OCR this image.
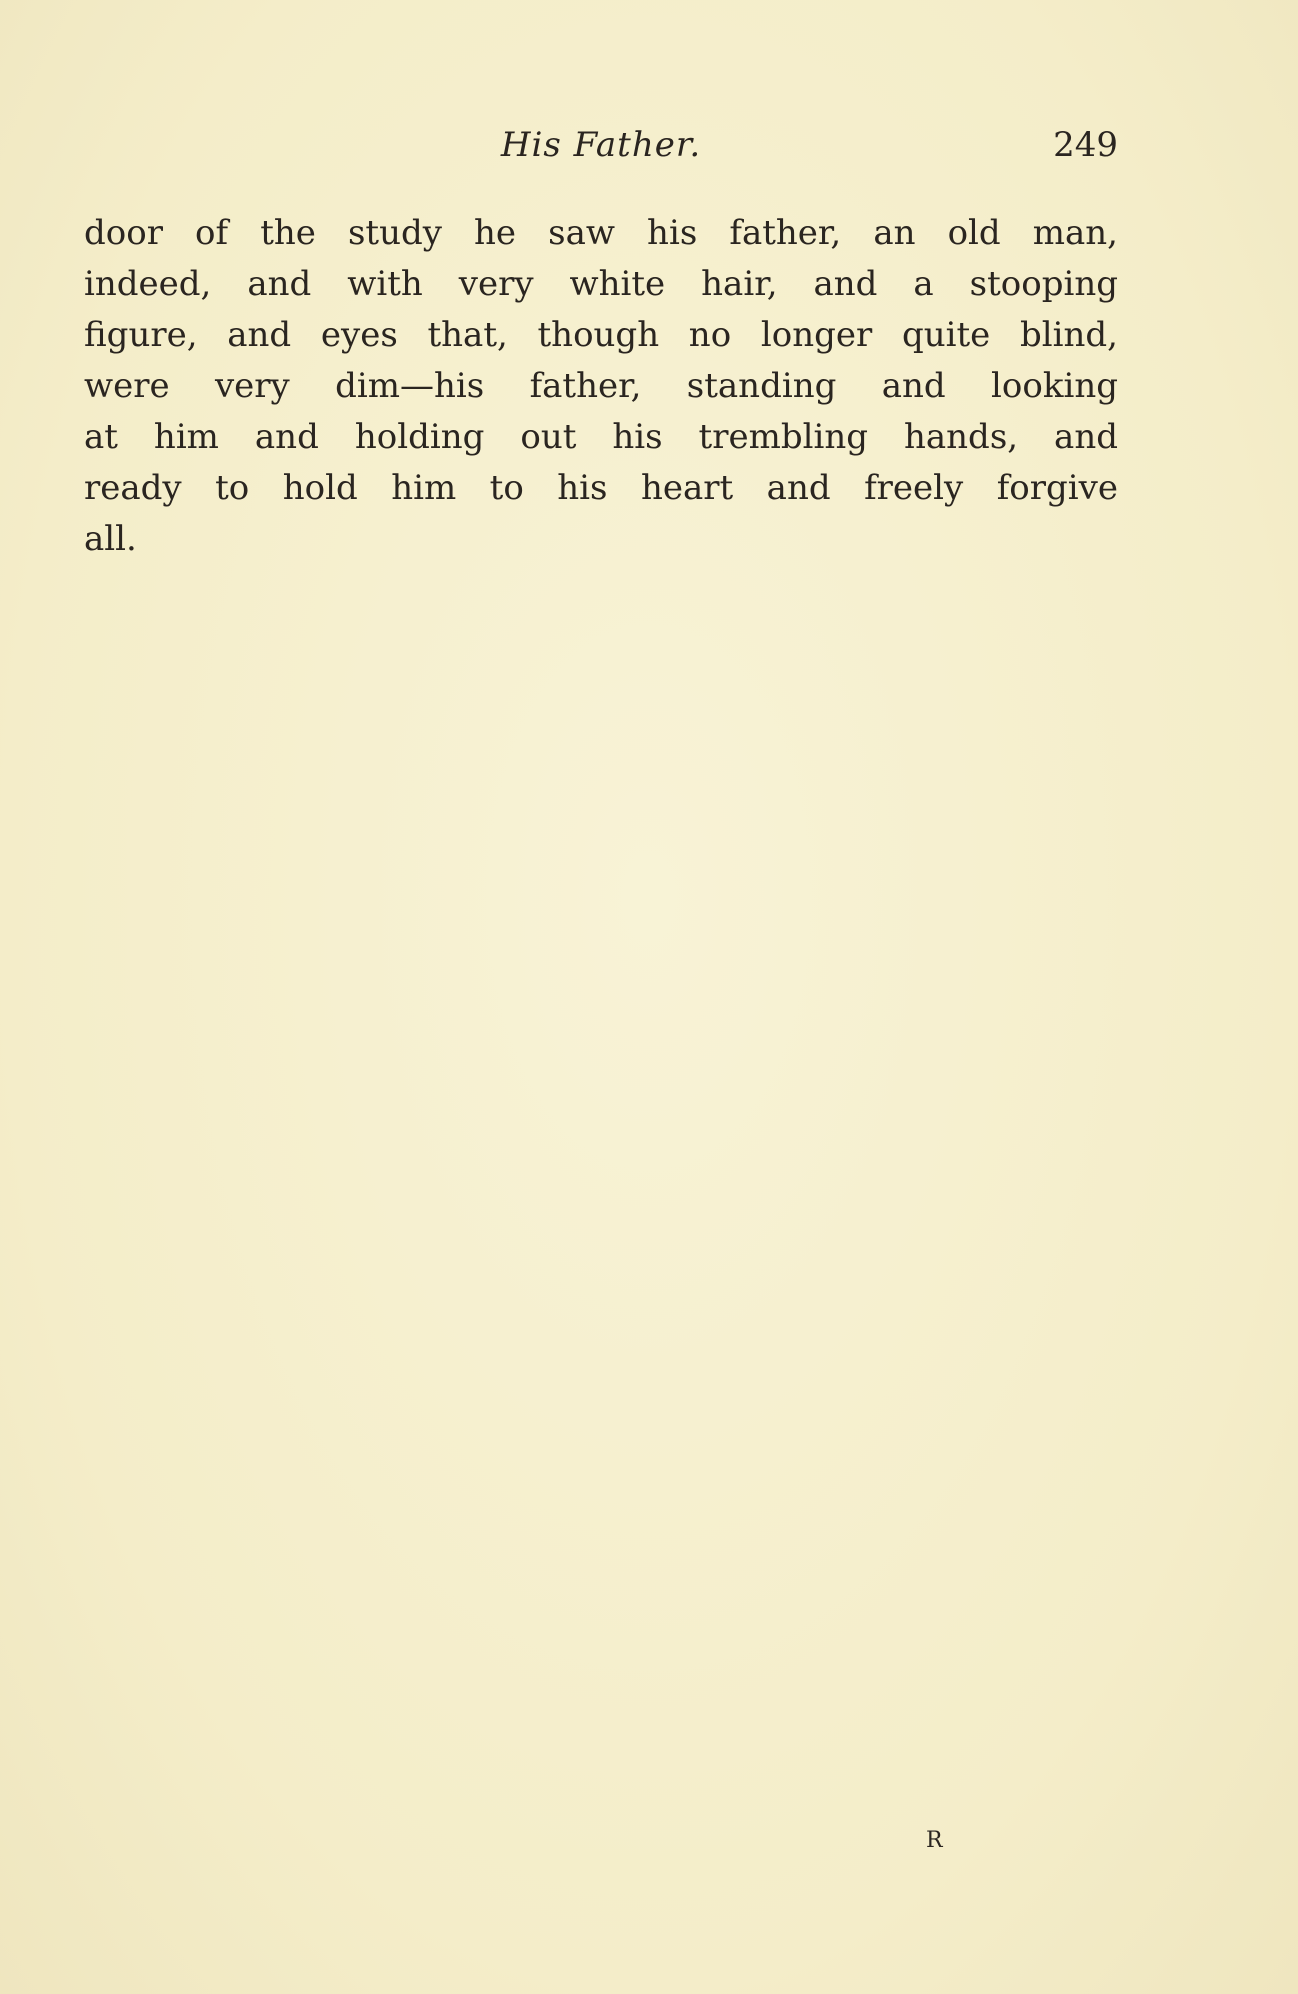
His Father.	249
door of the study he saw his father, an old man,
indeed, and with very white hair, and a stooping
figure, and eyes that, though no longer quite blind,
were very dim—his father, standing and looking
at him and holding out his trembling hands, and
ready to hold him to his heart and freely forgive
all.
R
